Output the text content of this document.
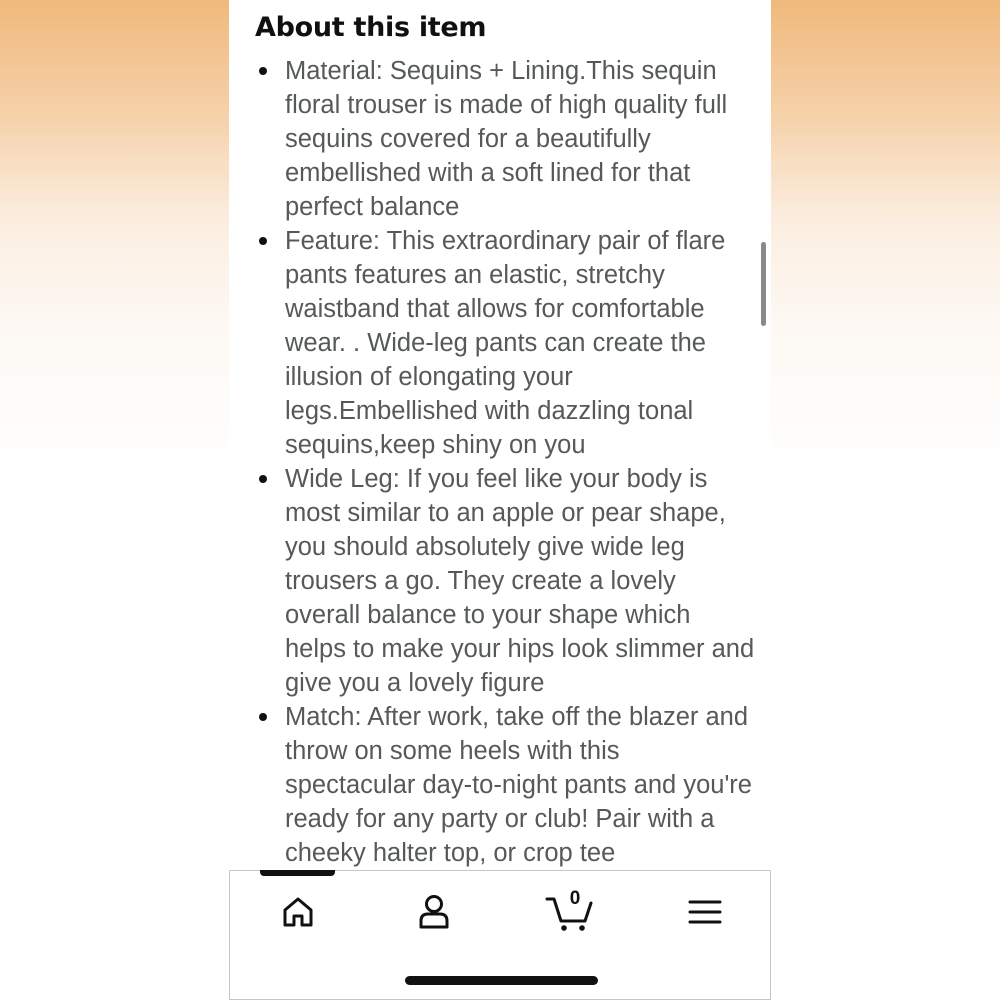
About this item
Material: Sequins + Lining.This sequin floral trouser is made of high quality full sequins covered for a beautifully embellished with a soft lined for that perfect balance
Feature: This extraordinary pair of flare pants features an elastic, stretchy waistband that allows for comfortable wear. . Wide-leg pants can create the illusion of elongating your legs.Embellished with dazzling tonal sequins,keep shiny on you
Wide Leg: If you feel like your body is most similar to an apple or pear shape, you should absolutely give wide leg trousers a go. They create a lovely overall balance to your shape which helps to make your hips look slimmer and give you a lovely figure
Match: After work, take off the blazer and throw on some heels with this spectacular day-to-night pants and you're ready for any party or club! Pair with a cheeky halter top, or crop tee
0
